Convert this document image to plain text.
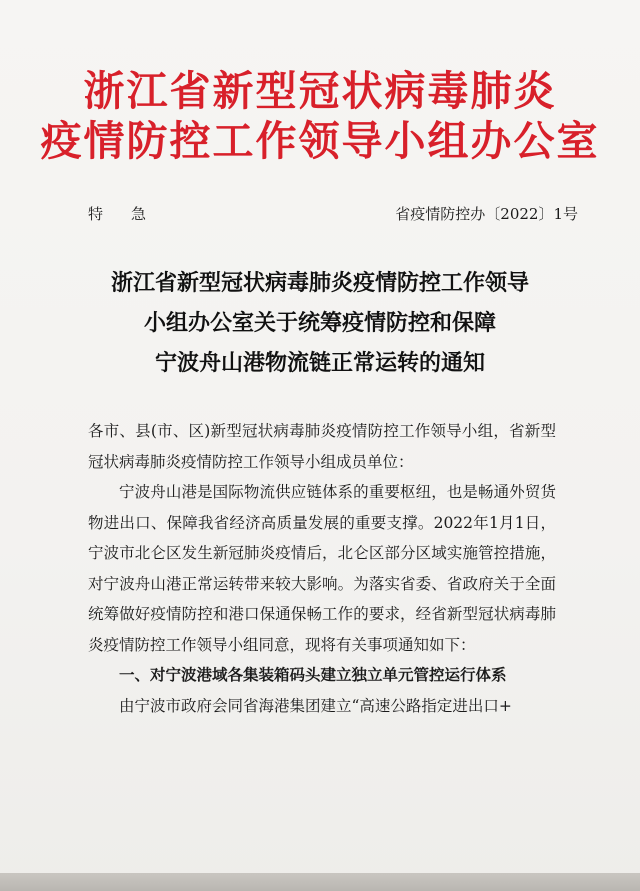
浙江省新型冠状病毒肺炎
疫情防控工作领导小组办公室
特 急	省疫情防控办〔2022〕1号
浙江省新型冠状病毒肺炎疫情防控工作领导
小组办公室关于统筹疫情防控和保障
宁波舟山港物流链正常运转的通知
各市、县(市、区)新型冠状病毒肺炎疫情防控工作领导小组，省新型冠状病毒肺炎疫情防控工作领导小组成员单位：
宁波舟山港是国际物流供应链体系的重要枢纽，也是畅通外贸货物进出口、保障我省经济高质量发展的重要支撑。2022年1月1日，宁波市北仑区发生新冠肺炎疫情后，北仑区部分区域实施管控措施，对宁波舟山港正常运转带来较大影响。为落实省委、省政府关于全面统筹做好疫情防控和港口保通保畅工作的要求，经省新型冠状病毒肺炎疫情防控工作领导小组同意，现将有关事项通知如下：
一、对宁波港域各集装箱码头建立独立单元管控运行体系
由宁波市政府会同省海港集团建立“高速公路指定进出口+
